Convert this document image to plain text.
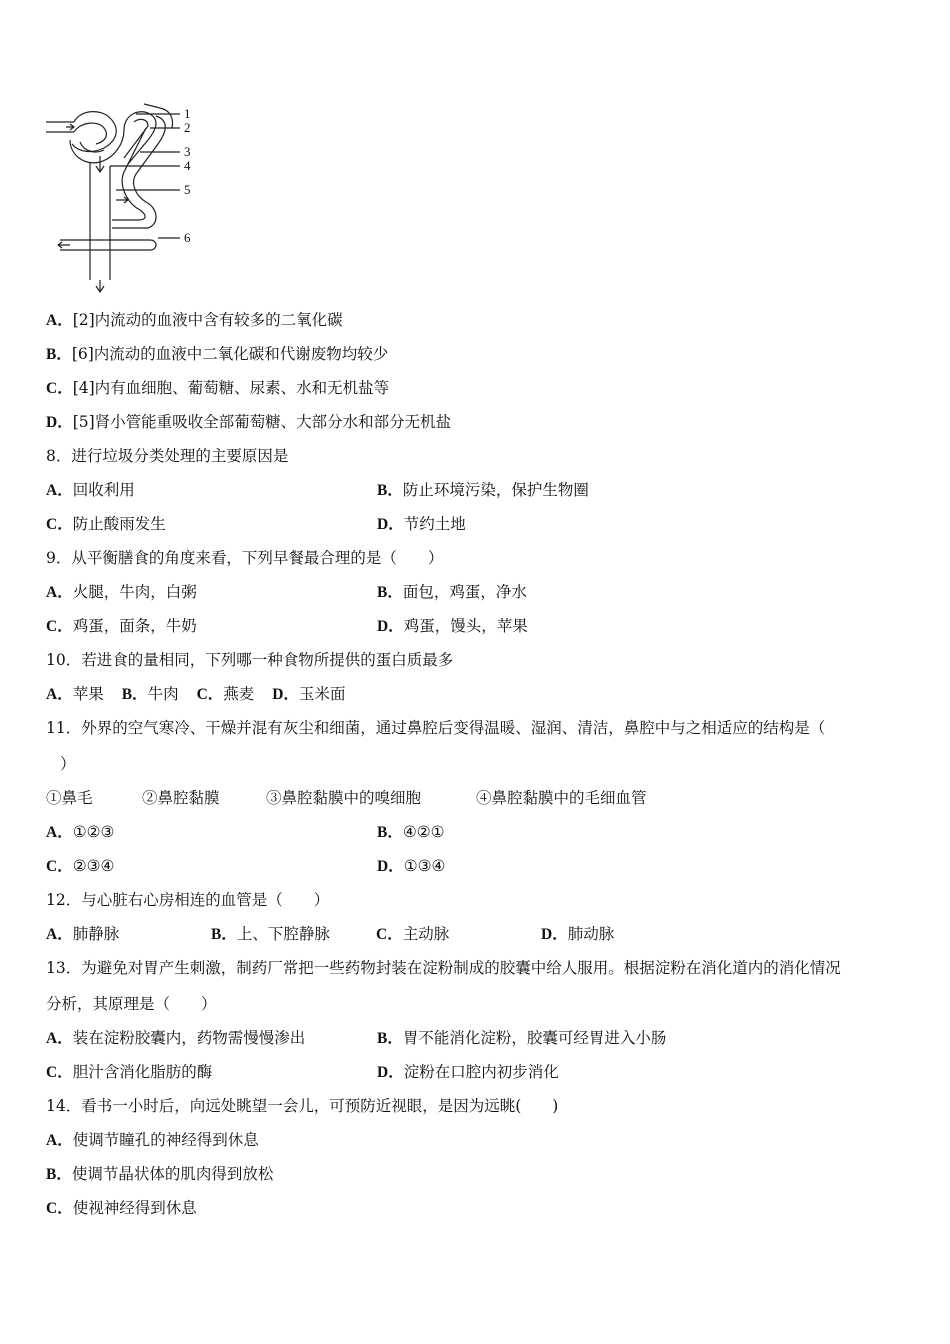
1
2
3
4
5
6
A．[2]内流动的血液中含有较多的二氧化碳
B．[6]内流动的血液中二氧化碳和代谢废物均较少
C．[4]内有血细胞、葡萄糖、尿素、水和无机盐等
D．[5]肾小管能重吸收全部葡萄糖、大部分水和部分无机盐
8．进行垃圾分类处理的主要原因是
A．回收利用	B．防止环境污染，保护生物圈
C．防止酸雨发生	D．节约土地
9．从平衡膳食的角度来看，下列早餐最合理的是（　　）
A．火腿，牛肉，白粥	B．面包，鸡蛋，净水
C．鸡蛋，面条，牛奶	D．鸡蛋，馒头，苹果
10．若进食的量相同，下列哪一种食物所提供的蛋白质最多
A．苹果 B．牛肉 C．燕麦 D．玉米面
11．外界的空气寒冷、干燥并混有灰尘和细菌，通过鼻腔后变得温暖、湿润、清洁，鼻腔中与之相适应的结构是（
）
①鼻毛	②鼻腔黏膜	③鼻腔黏膜中的嗅细胞	④鼻腔黏膜中的毛细血管
A．①②③	B．④②①
C．②③④	D．①③④
12．与心脏右心房相连的血管是（　　）
A．肺静脉	B．上、下腔静脉	C．主动脉	D．肺动脉
13．为避免对胃产生刺激，制药厂常把一些药物封装在淀粉制成的胶囊中给人服用。根据淀粉在消化道内的消化情况
分析，其原理是（　　）
A．装在淀粉胶囊内，药物需慢慢渗出	B．胃不能消化淀粉，胶囊可经胃进入小肠
C．胆汁含消化脂肪的酶	D．淀粉在口腔内初步消化
14．看书一小时后，向远处眺望一会儿，可预防近视眼，是因为远眺(　　)
A．使调节瞳孔的神经得到休息
B．使调节晶状体的肌肉得到放松
C．使视神经得到休息
